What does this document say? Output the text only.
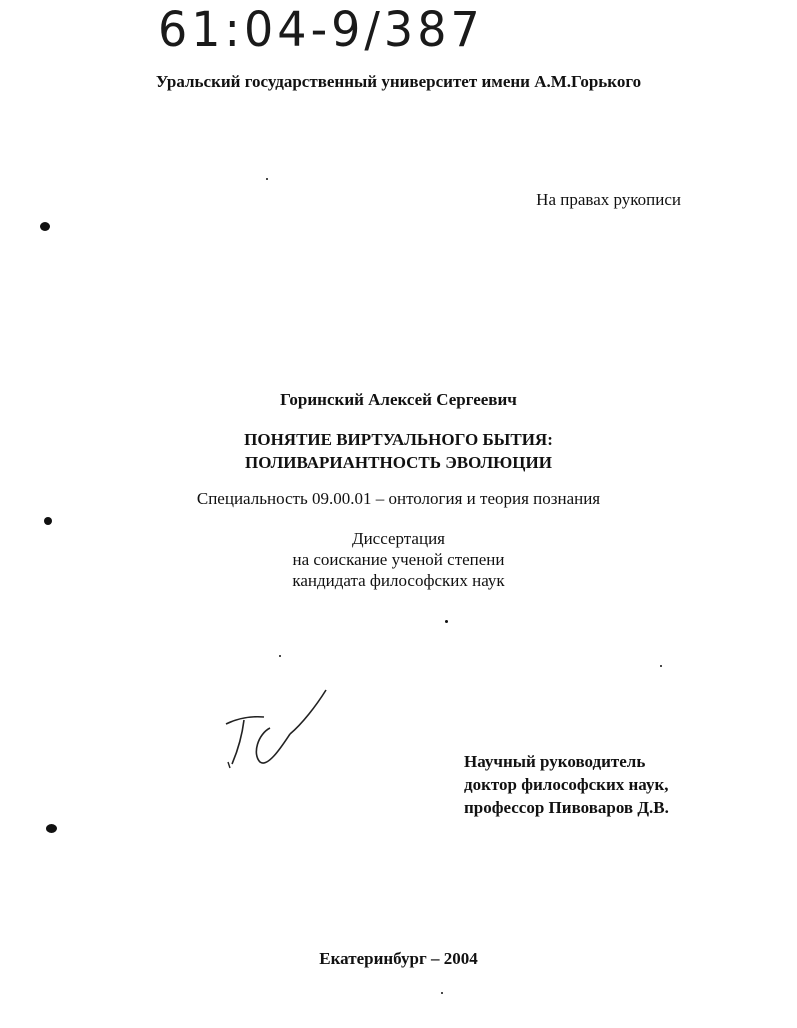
61:04-9/387
Уральский государственный университет имени А.М.Горького
На правах рукописи
Горинский Алексей Сергеевич
ПОНЯТИЕ ВИРТУАЛЬНОГО БЫТИЯ:
ПОЛИВАРИАНТНОСТЬ ЭВОЛЮЦИИ
Специальность 09.00.01 – онтология и теория познания
Диссертация
на соискание ученой степени
кандидата философских наук
Научный руководитель
доктор философских наук,
профессор Пивоваров Д.В.
Екатеринбург – 2004
